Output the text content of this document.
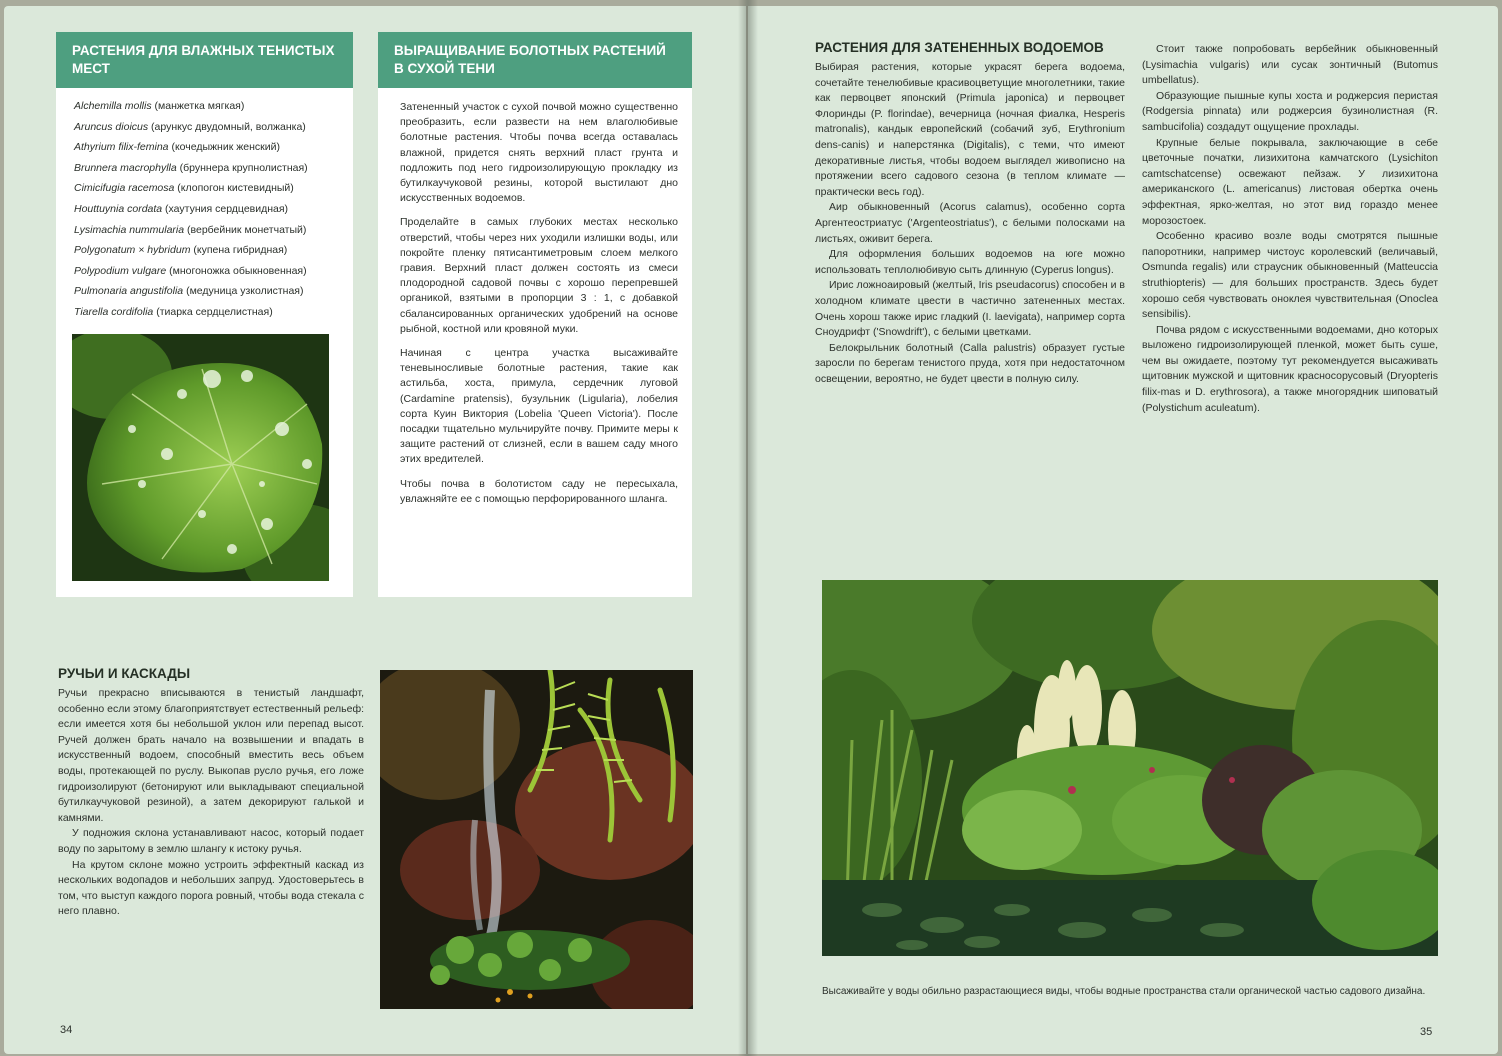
РАСТЕНИЯ ДЛЯ ВЛАЖНЫХ ТЕНИСТЫХ МЕСТ
Alchemilla mollis (манжетка мягкая)
Aruncus dioicus (арункус двудомный, волжанка)
Athyrium filix-femina (кочедыжник женский)
Brunnera macrophylla (бруннера крупнолистная)
Cimicifugia racemosa (клопогон кистевидный)
Houttuynia cordata (хаутуния сердцевидная)
Lysimachia nummularia (вербейник монетчатый)
Polygonatum × hybridum (купена гибридная)
Polypodium vulgare (многоножка обыкновенная)
Pulmonaria angustifolia (медуница узколистная)
Tiarella cordifolia (тиарка сердцелистная)
ВЫРАЩИВАНИЕ БОЛОТНЫХ РАСТЕНИЙ В СУХОЙ ТЕНИ

Затененный участок с сухой почвой можно существенно преобразить, если развести на нем влаголюбивые болотные растения. Чтобы почва всегда оставалась влажной, придется снять верхний пласт грунта и подложить под него гидроизолирующую прокладку из бутилкаучуковой резины, которой выстилают дно искусственных водоемов.

Проделайте в самых глубоких местах несколько отверстий, чтобы через них уходили излишки воды, или покройте пленку пятисантиметровым слоем мелкого гравия. Верхний пласт должен состоять из смеси плодородной садовой почвы с хорошо перепревшей органикой, взятыми в пропорции 3 : 1, с добавкой сбалансированных органических удобрений на основе рыбной, костной или кровяной муки.

Начиная с центра участка высаживайте теневыносливые болотные растения, такие как астильба, хоста, примула, сердечник луговой (Cardamine pratensis), бузульник (Ligularia), лобелия сорта Куин Виктория (Lobelia 'Queen Victoria'). После посадки тщательно мульчируйте почву. Примите меры к защите растений от слизней, если в вашем саду много этих вредителей.

Чтобы почва в болотистом саду не пересыхала, увлажняйте ее с помощью перфорированного шланга.

РУЧЬИ И КАСКАДЫ

Ручьи прекрасно вписываются в тенистый ландшафт, особенно если этому благоприятствует естественный рельеф: если имеется хотя бы небольшой уклон или перепад высот. Ручей должен брать начало на возвышении и впадать в искусственный водоем, способный вместить весь объем воды, протекающей по руслу. Выкопав русло ручья, его ложе гидроизолируют (бетонируют или выкладывают специальной бутилкаучуковой резиной), а затем декорируют галькой и камнями.

У подножия склона устанавливают насос, который подает воду по зарытому в землю шлангу к истоку ручья.

На крутом склоне можно устроить эффектный каскад из нескольких водопадов и небольших запруд. Удостоверьтесь в том, что выступ каждого порога ровный, чтобы вода стекала с него плавно.

34
РАСТЕНИЯ ДЛЯ ЗАТЕНЕННЫХ ВОДОЕМОВ

Выбирая растения, которые украсят берега водоема, сочетайте тенелюбивые красивоцветущие многолетники, такие как первоцвет японский (Primula japonica) и первоцвет Флоринды (P. florindae), вечерница (ночная фиалка, Hesperis matronalis), кандык европейский (собачий зуб, Erythronium dens-canis) и наперстянка (Digitalis), с теми, что имеют декоративные листья, чтобы водоем выглядел живописно на протяжении всего садового сезона (в теплом климате — практически весь год).

Аир обыкновенный (Acorus calamus), особенно сорта Аргентеостриатус ('Argenteostriatus'), с белыми полосками на листьях, оживит берега.

Для оформления больших водоемов на юге можно использовать теплолюбивую сыть длинную (Cyperus longus).

Ирис ложноаировый (желтый, Iris pseudacorus) способен и в холодном климате цвести в частично затененных местах. Очень хорош также ирис гладкий (I. laevigata), например сорта Сноудрифт ('Snowdrift'), с белыми цветками.

Белокрыльник болотный (Calla palustris) образует густые заросли по берегам тенистого пруда, хотя при недостаточном освещении, вероятно, не будет цвести в полную силу.

Стоит также попробовать вербейник обыкновенный (Lysimachia vulgaris) или сусак зонтичный (Butomus umbellatus).

Образующие пышные купы хоста и роджерсия перистая (Rodgersia pinnata) или роджерсия бузинолистная (R. sambucifolia) создадут ощущение прохлады.

Крупные белые покрывала, заключающие в себе цветочные початки, лизихитона камчатского (Lysichiton camtschatcense) освежают пейзаж. У лизихитона американского (L. americanus) листовая обертка очень эффектная, ярко-желтая, но этот вид гораздо менее морозостоек.

Особенно красиво возле воды смотрятся пышные папоротники, например чистоус королевский (величавый, Osmunda regalis) или страусник обыкновенный (Matteuccia struthiopteris) — для больших пространств. Здесь будет хорошо себя чувствовать оноклея чувствительная (Onoclea sensibilis).

Почва рядом с искусственными водоемами, дно которых выложено гидроизолирующей пленкой, может быть суше, чем вы ожидаете, поэтому тут рекомендуется высаживать щитовник мужской и щитовник красносорусовый (Dryopteris filix-mas и D. erythrosora), а также многорядник шиповатый (Polystichum aculeatum).

Высаживайте у воды обильно разрастающиеся виды, чтобы водные пространства стали органической частью садового дизайна.
35
